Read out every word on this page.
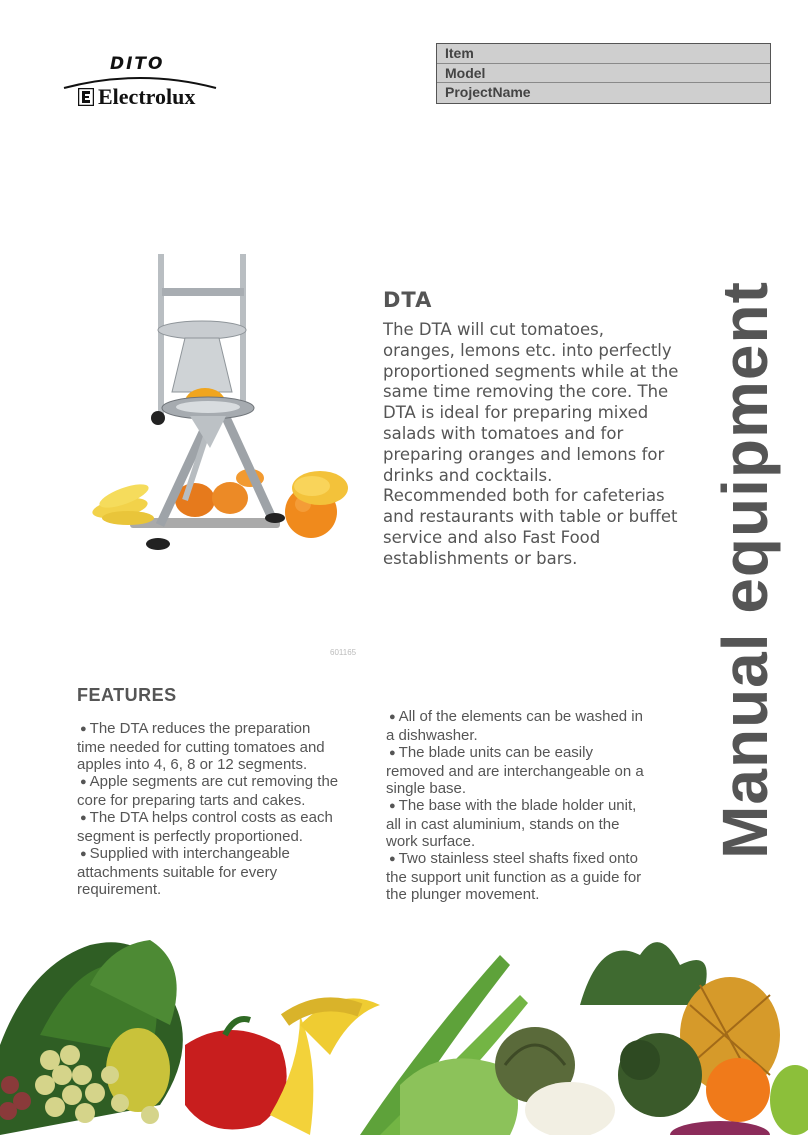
DITO
Electrolux
Item
Model
ProjectName
Manual equipment
601165
DTA
The DTA will cut tomatoes,
oranges, lemons etc. into perfectly
proportioned segments while at the
same time removing the core. The
DTA is ideal for preparing mixed
salads with tomatoes and for
preparing oranges and lemons for
drinks and cocktails.
Recommended both for cafeterias
and restaurants with table or buffet
service and also Fast Food
establishments or bars.
FEATURES
● The DTA reduces the preparation
time needed for cutting tomatoes and
apples into 4, 6, 8 or 12 segments.
● Apple segments are cut removing the
core for preparing tarts and cakes.
● The DTA helps control costs as each
segment is perfectly proportioned.
● Supplied with interchangeable
attachments suitable for every
requirement.
● All of the elements can be washed in
a dishwasher.
● The blade units can be easily
removed and are interchangeable on a
single base.
● The base with the blade holder unit,
all in cast aluminium, stands on the
work surface.
● Two stainless steel shafts fixed onto
the support unit function as a guide for
the plunger movement.
